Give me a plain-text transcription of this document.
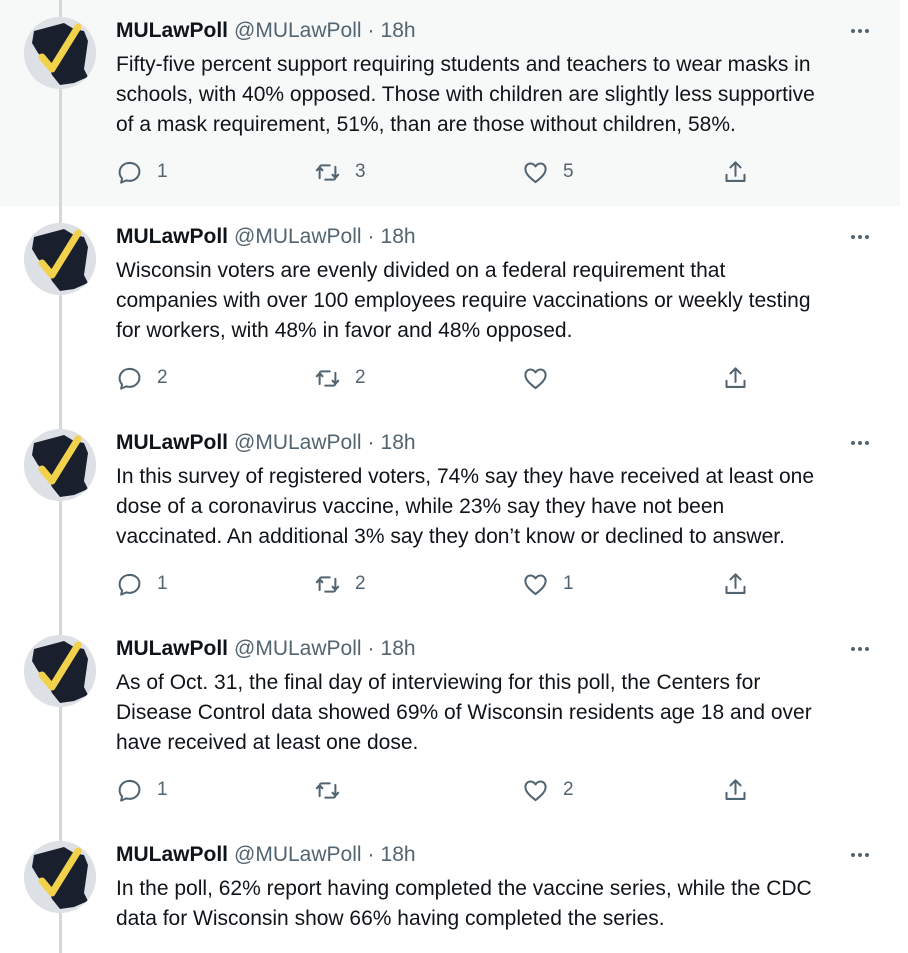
MULawPoll @MULawPoll · 18h
Fifty-five percent support requiring students and teachers to wear masks in
schools, with 40% opposed. Those with children are slightly less supportive
of a mask requirement, 51%, than are those without children, 58%.
1	3	5
MULawPoll @MULawPoll · 18h
Wisconsin voters are evenly divided on a federal requirement that
companies with over 100 employees require vaccinations or weekly testing
for workers, with 48% in favor and 48% opposed.
2	2
MULawPoll @MULawPoll · 18h
In this survey of registered voters, 74% say they have received at least one
dose of a coronavirus vaccine, while 23% say they have not been
vaccinated. An additional 3% say they don’t know or declined to answer.
1	2	1
MULawPoll @MULawPoll · 18h
As of Oct. 31, the final day of interviewing for this poll, the Centers for
Disease Control data showed 69% of Wisconsin residents age 18 and over
have received at least one dose.
1	2
MULawPoll @MULawPoll · 18h
In the poll, 62% report having completed the vaccine series, while the CDC
data for Wisconsin show 66% having completed the series.
